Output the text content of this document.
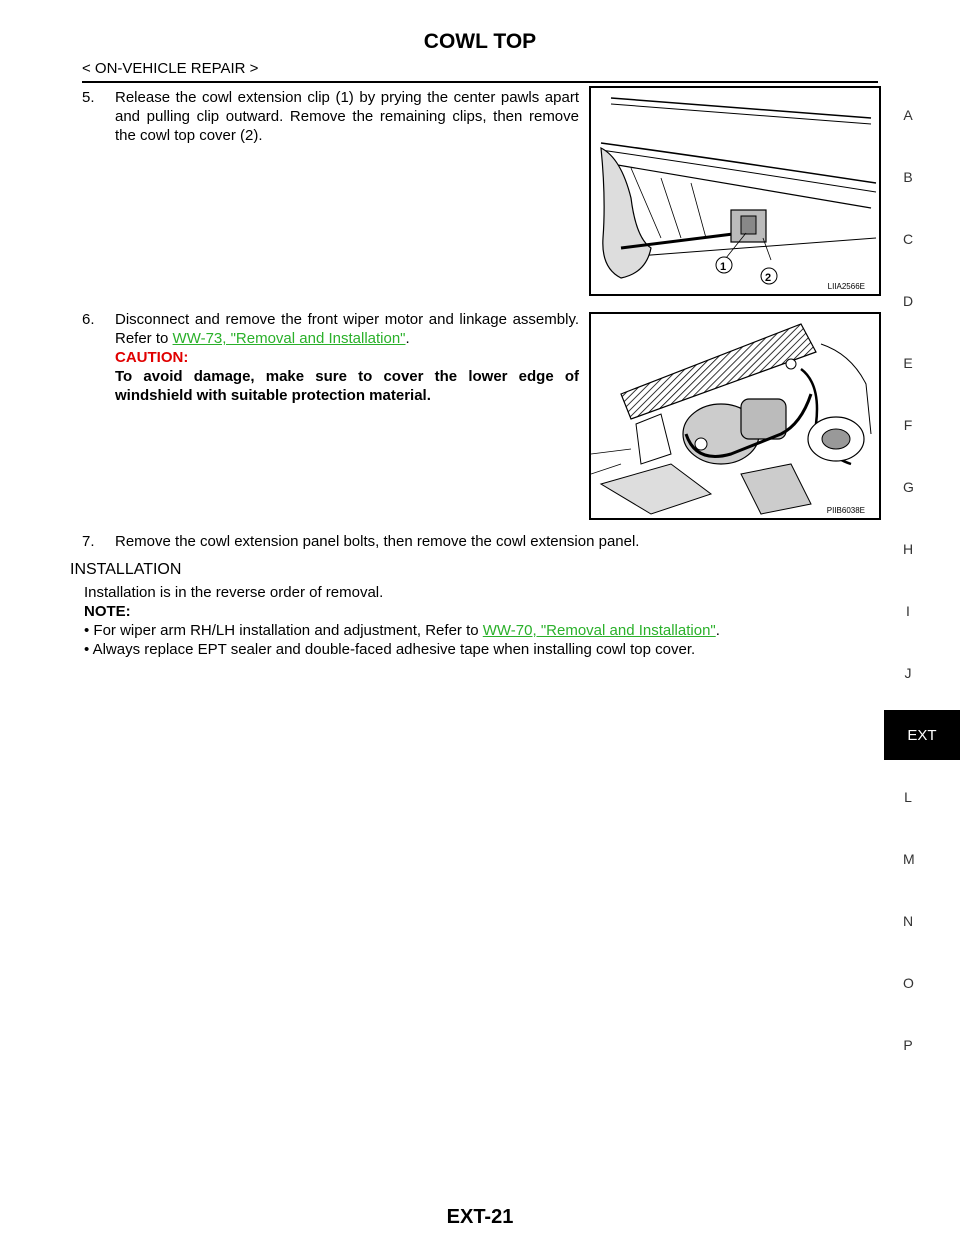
COWL TOP
< ON-VEHICLE REPAIR >
5. Release the cowl extension clip (1) by prying the center pawls apart and pulling clip outward. Remove the remaining clips, then remove the cowl top cover (2).

1
2
LIIA2566E
6. Disconnect and remove the front wiper motor and linkage assembly. Refer to WW-73, "Removal and Installation".

CAUTION:

To avoid damage, make sure to cover the lower edge of windshield with suitable protection material.

PIIB6038E
7. Remove the cowl extension panel bolts, then remove the cowl extension panel.
INSTALLATION

Installation is in the reverse order of removal.

NOTE:

• For wiper arm RH/LH installation and adjustment, Refer to WW-70, "Removal and Installation".

• Always replace EPT sealer and double-faced adhesive tape when installing cowl top cover.

A
B
C
D
E
F
G
H
I
J
EXT
L
M
N
O
P
EXT-21
